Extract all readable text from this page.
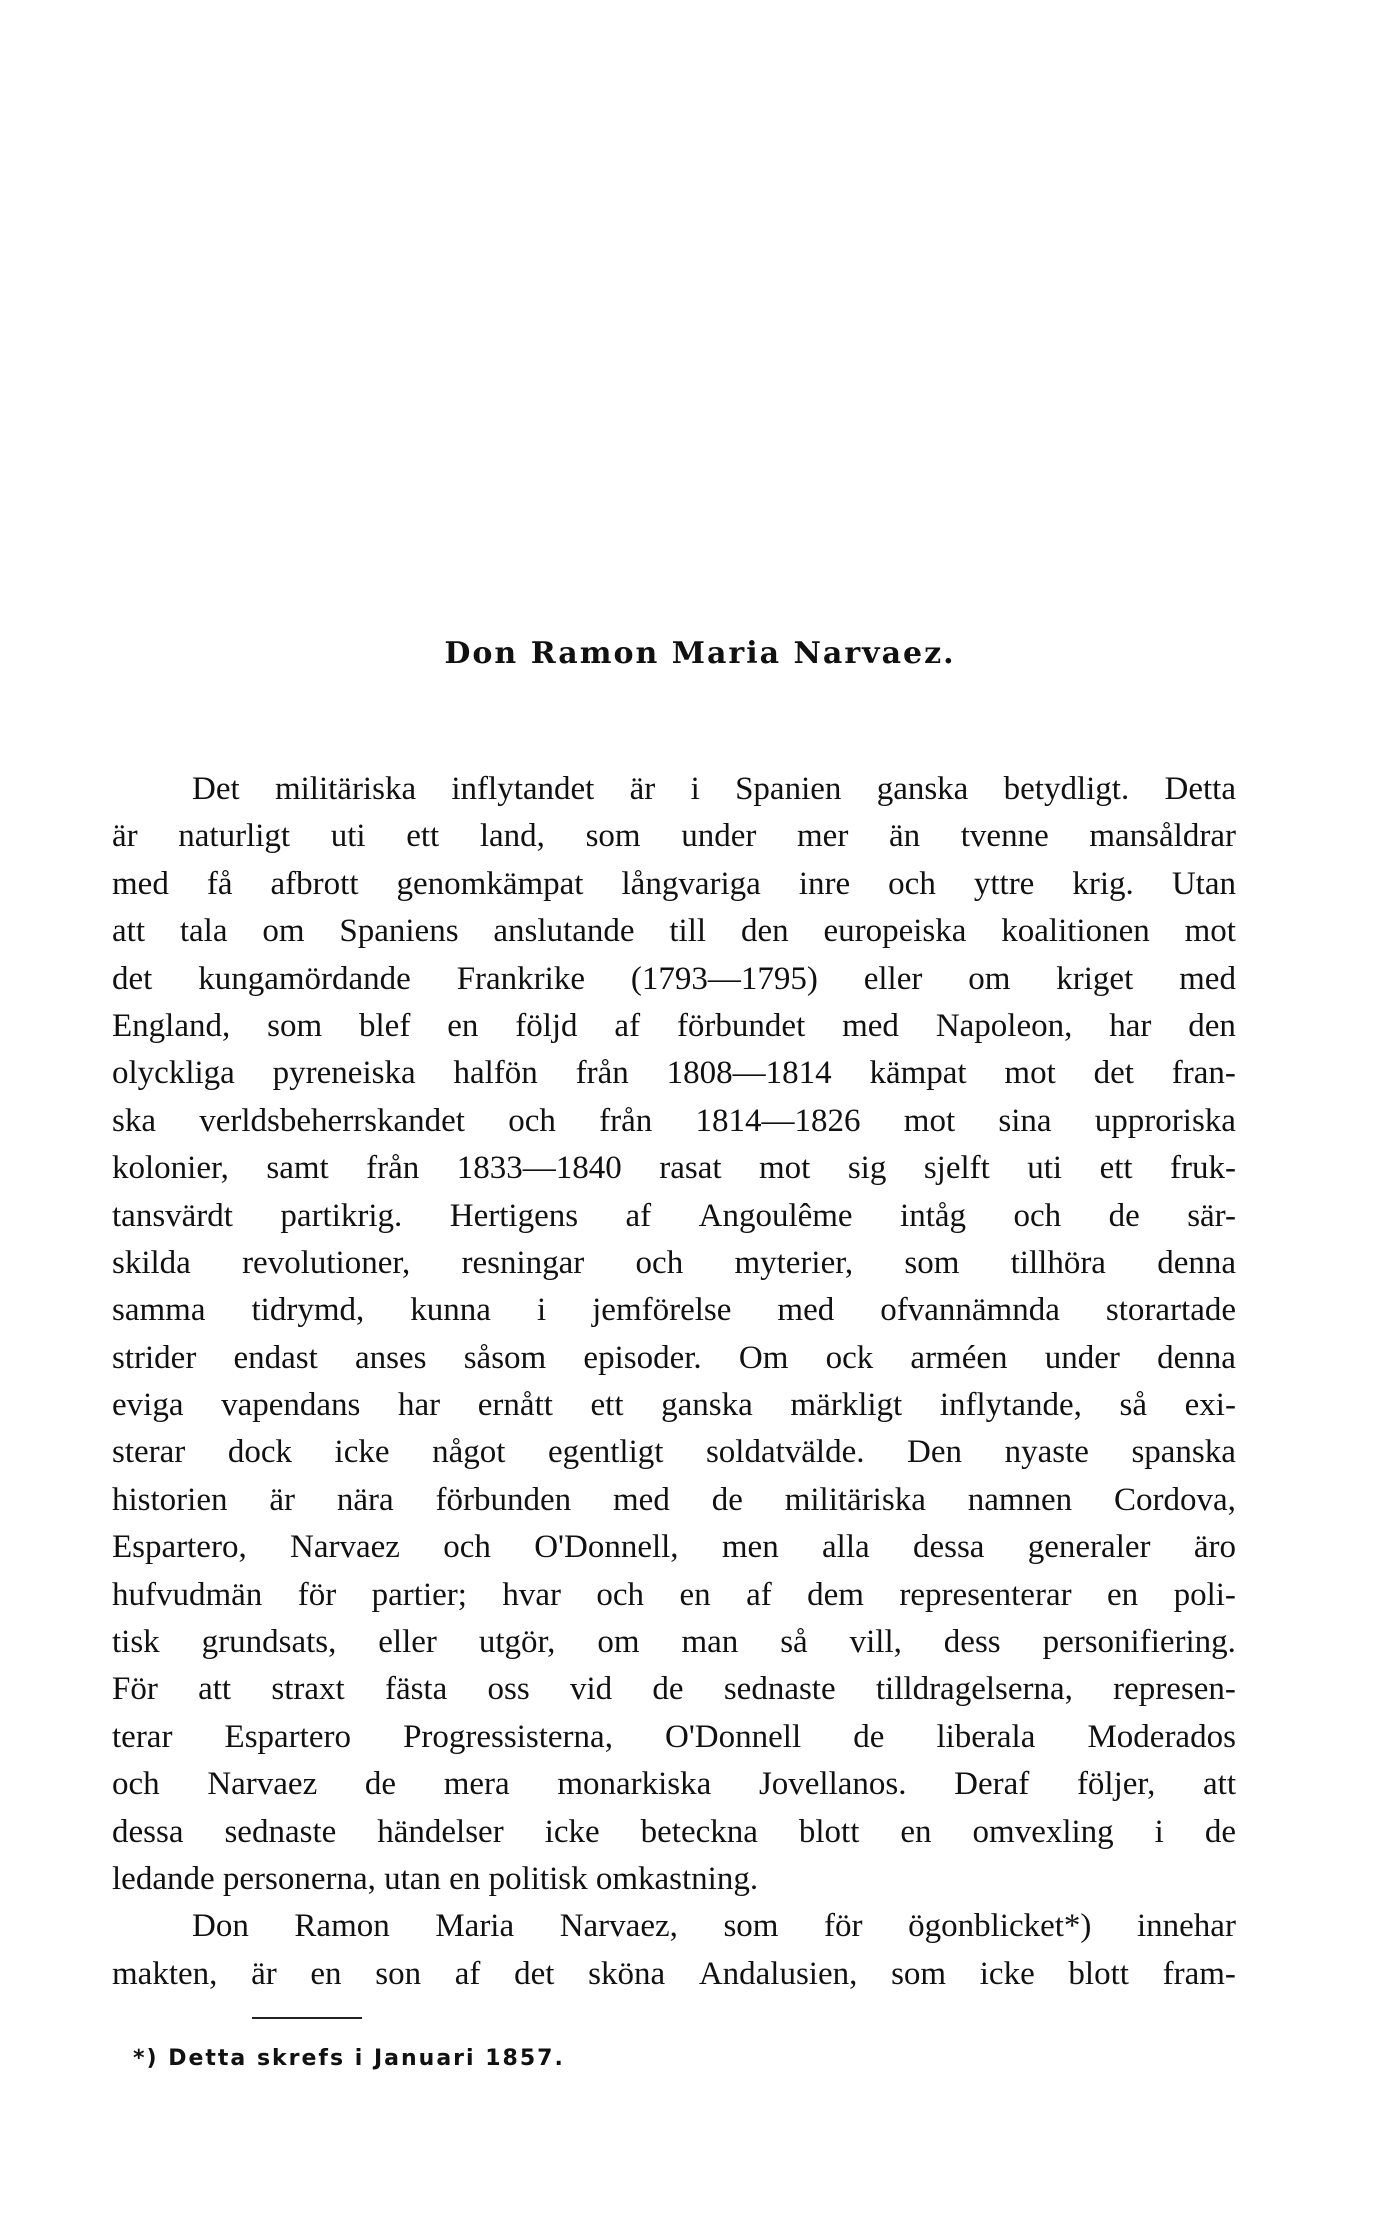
Don Ramon Maria Narvaez.
Det militäriska inflytandet är i Spanien ganska betydligt. Detta
är naturligt uti ett land, som under mer än tvenne mansåldrar
med få afbrott genomkämpat långvariga inre och yttre krig. Utan
att tala om Spaniens anslutande till den europeiska koalitionen mot
det kungamördande Frankrike (1793—1795) eller om kriget med
England, som blef en följd af förbundet med Napoleon, har den
olyckliga pyreneiska halfön från 1808—1814 kämpat mot det fran-
ska verldsbeherrskandet och från 1814—1826 mot sina upproriska
kolonier, samt från 1833—1840 rasat mot sig sjelft uti ett fruk-
tansvärdt partikrig. Hertigens af Angoulême intåg och de sär-
skilda revolutioner, resningar och myterier, som tillhöra denna
samma tidrymd, kunna i jemförelse med ofvannämnda storartade
strider endast anses såsom episoder. Om ock arméen under denna
eviga vapendans har ernått ett ganska märkligt inflytande, så exi-
sterar dock icke något egentligt soldatvälde. Den nyaste spanska
historien är nära förbunden med de militäriska namnen Cordova,
Espartero, Narvaez och O'Donnell, men alla dessa generaler äro
hufvudmän för partier; hvar och en af dem representerar en poli-
tisk grundsats, eller utgör, om man så vill, dess personifiering.
För att straxt fästa oss vid de sednaste tilldragelserna, represen-
terar Espartero Progressisterna, O'Donnell de liberala Moderados
och Narvaez de mera monarkiska Jovellanos. Deraf följer, att
dessa sednaste händelser icke beteckna blott en omvexling i de
ledande personerna, utan en politisk omkastning.
Don Ramon Maria Narvaez, som för ögonblicket*) innehar
makten, är en son af det sköna Andalusien, som icke blott fram-
*) Detta skrefs i Januari 1857.
